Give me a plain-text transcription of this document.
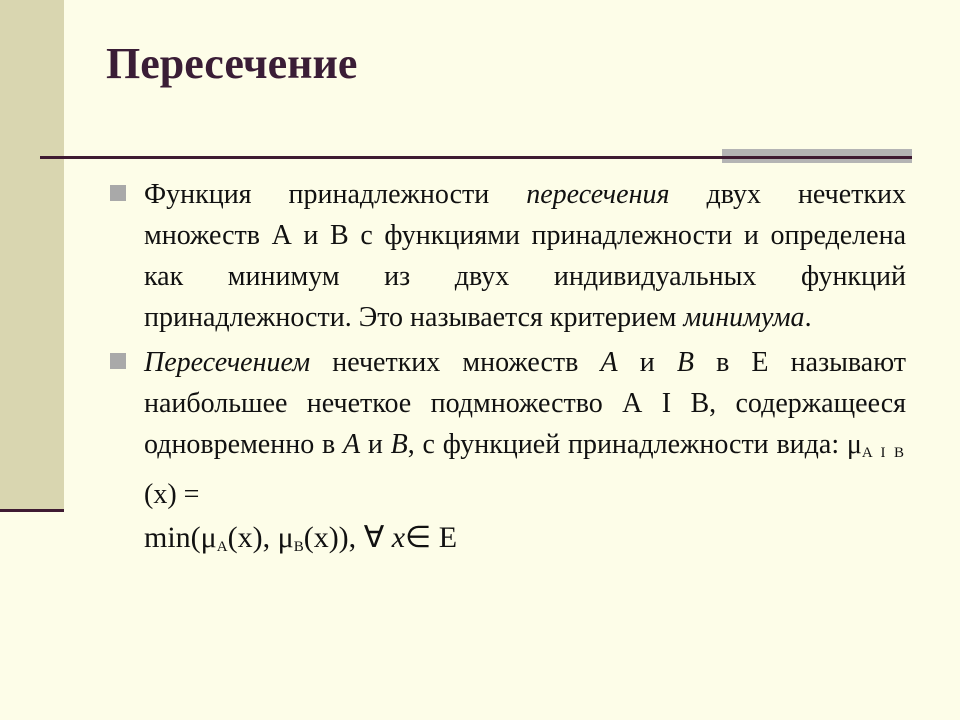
Пересечение
Функция принадлежности пересечения двух нечетких множеств А и В с функциями принадлежности и определена как минимум из двух индивидуальных функций принадлежности. Это называется критерием минимума.
Пересечением нечетких множеств A и B в Е называют наибольшее нечеткое подмножество А I В, содержащееся одновременно в A и B, с функцией принадлежности вида: μA I B (x) =
$\min(\mu_A(x)$, $\mu_B(x)$), ∀ x∈ E
